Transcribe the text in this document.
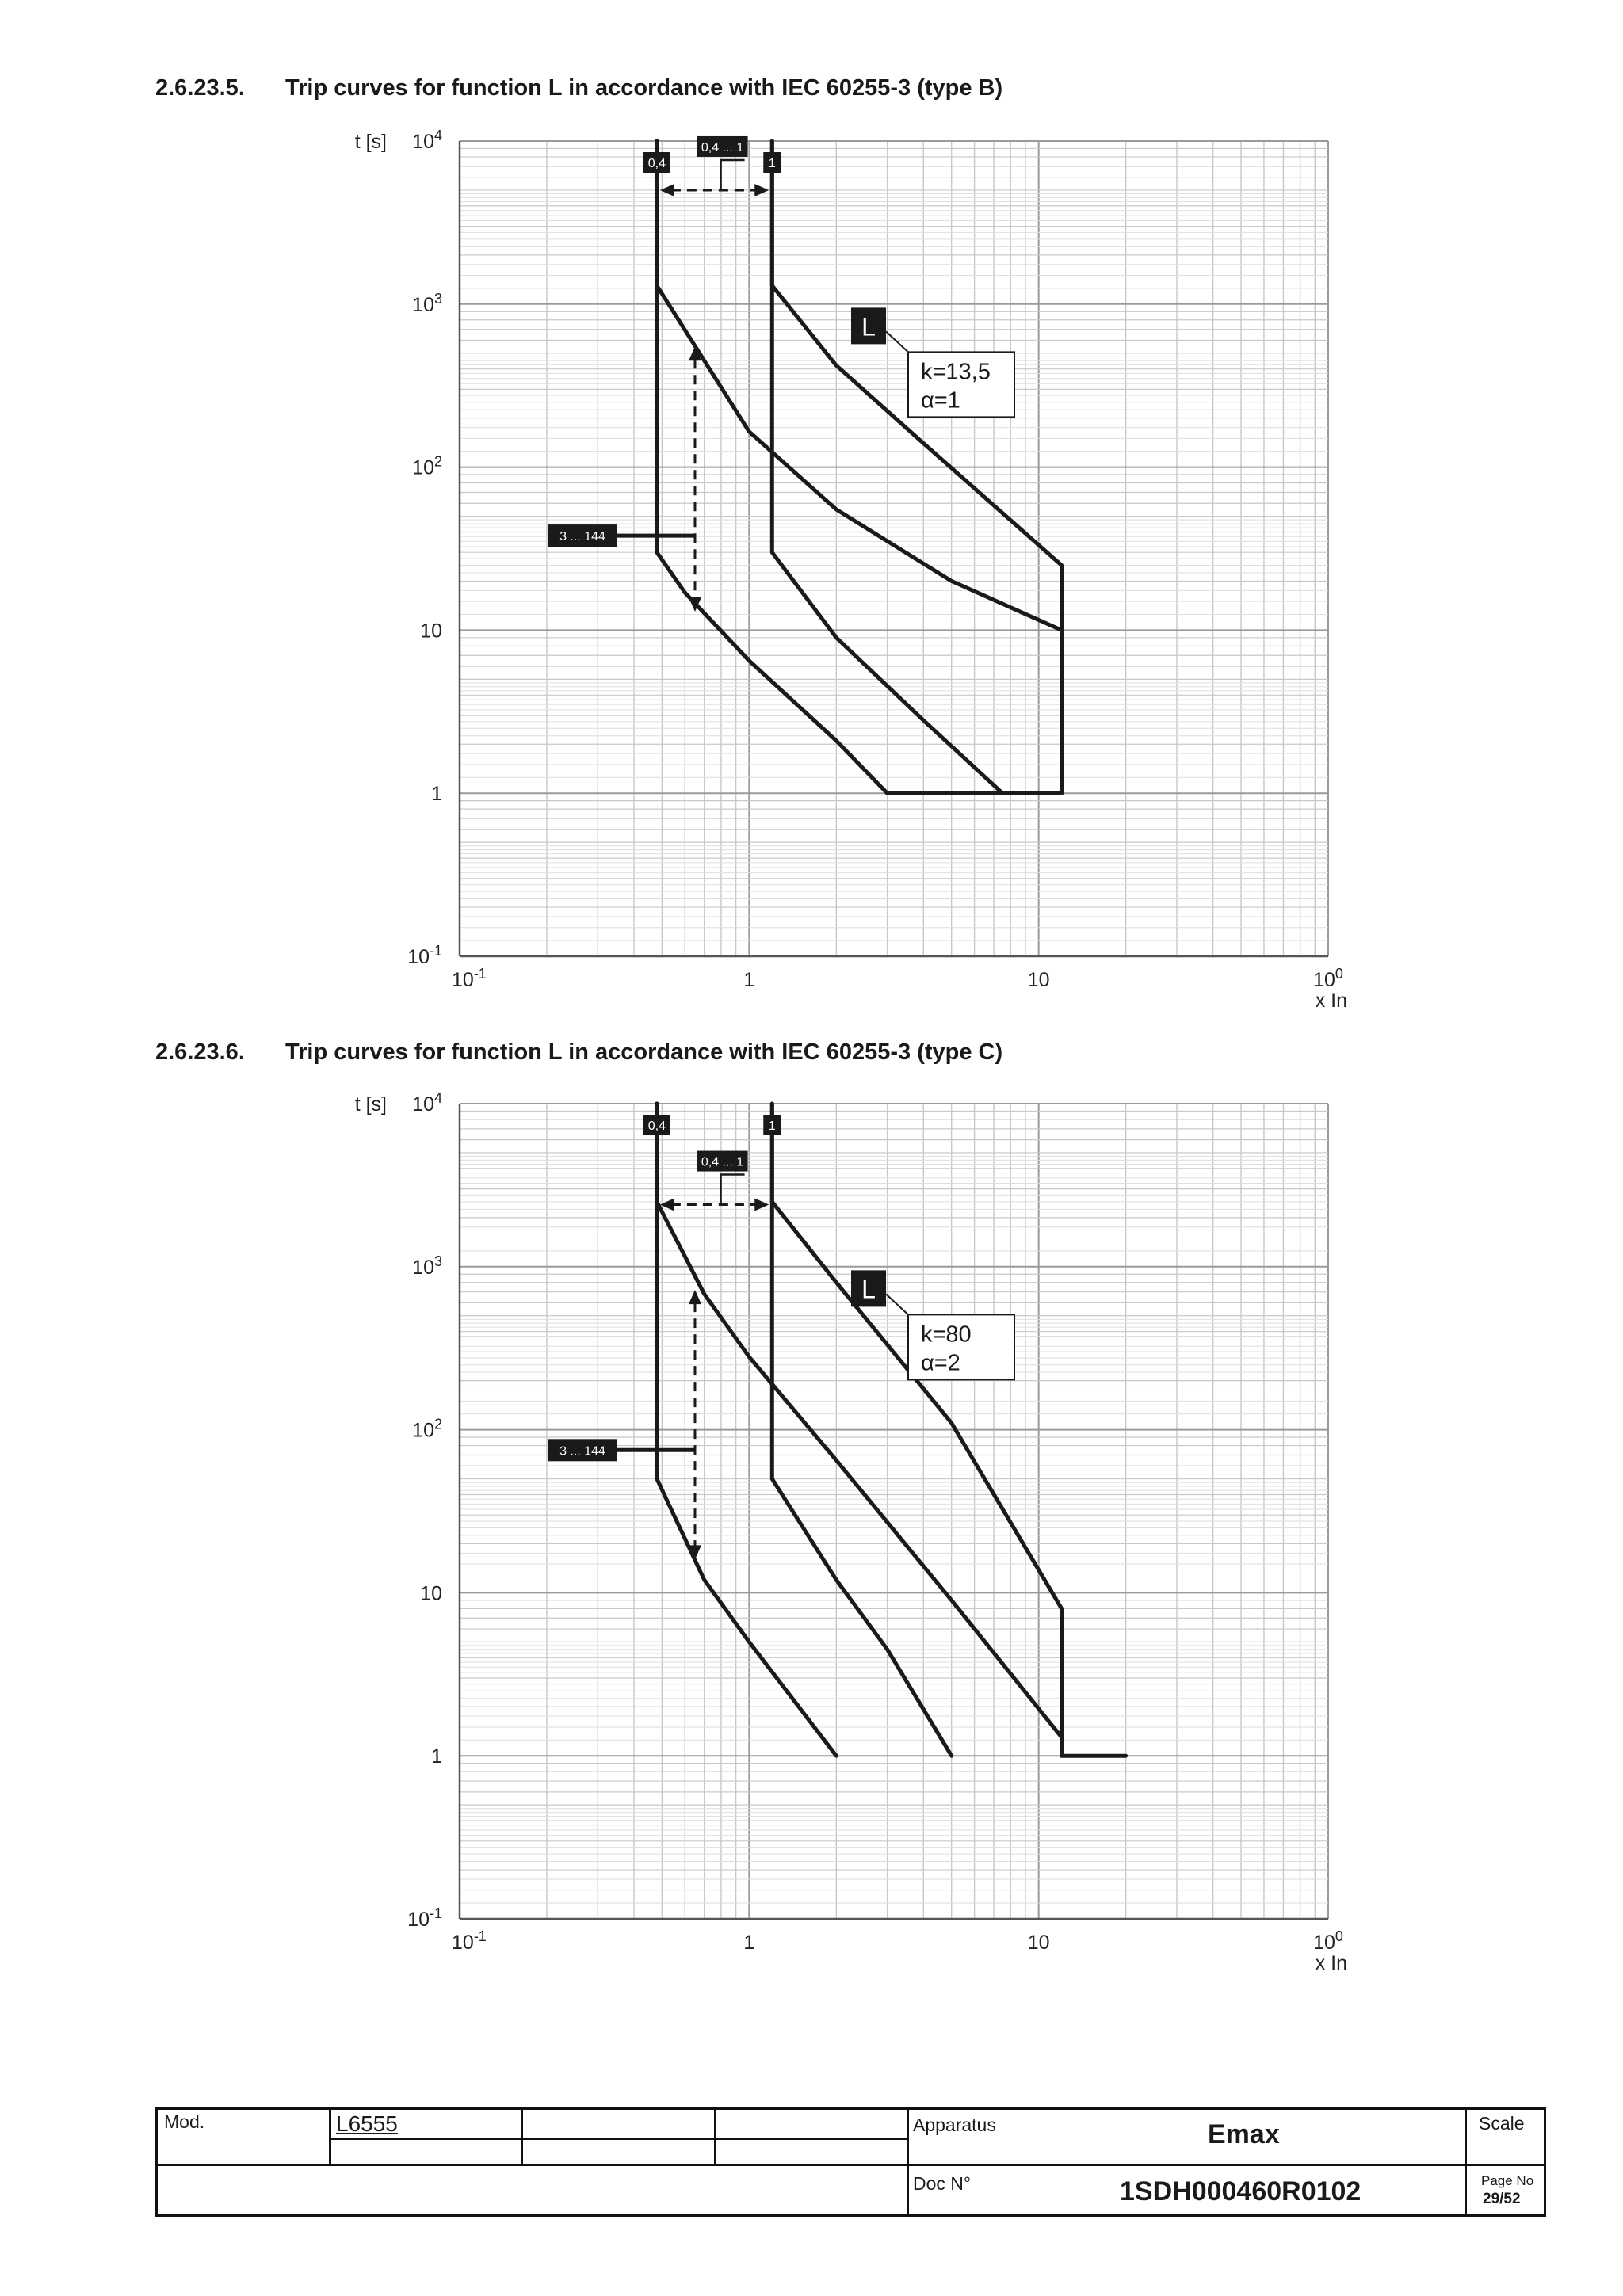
2.6.23.5. Trip curves for function L in accordance with IEC 60255-3 (type B)
2.6.23.6. Trip curves for function L in accordance with IEC 60255-3 (type C)
$10^{-1}$	1	10	$10^0$
$10^{-1}$
1
10
$10^2$
$10^3$
$10^4$
t [s]
x In
0,4 ... 1
0,4	1
3 ... 144
L
k=13,5
α=1
$10^{-1}$	1	10	$10^0$
$10^{-1}$
1
10
$10^2$
$10^3$
$10^4$
t [s]
x In
0,4 ... 1
0,4	1
3 ... 144
L
k=80
α=2
Mod.	L6555	Apparatus	Emax	Scale
Doc N°	1SDH000460R0102	Page No
29/52
